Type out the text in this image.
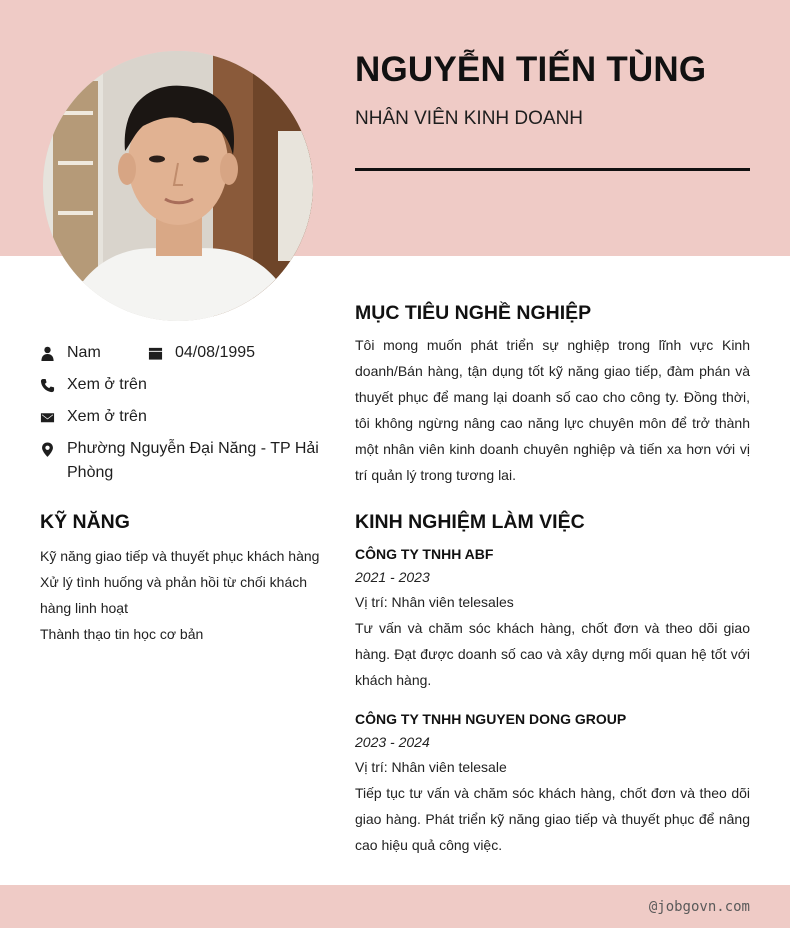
NGUYỄN TIẾN TÙNG
NHÂN VIÊN KINH DOANH
Nam	04/08/1995
Xem ở trên
Xem ở trên
Phường Nguyễn Đại Năng - TP Hải Phòng
KỸ NĂNG
Kỹ năng giao tiếp và thuyết phục khách hàng
Xử lý tình huống và phản hồi từ chối khách hàng linh hoạt
Thành thạo tin học cơ bản
MỤC TIÊU NGHỀ NGHIỆP
Tôi mong muốn phát triển sự nghiệp trong lĩnh vực Kinh doanh/Bán hàng, tận dụng tốt kỹ năng giao tiếp, đàm phán và thuyết phục để mang lại doanh số cao cho công ty. Đồng thời, tôi không ngừng nâng cao năng lực chuyên môn để trở thành một nhân viên kinh doanh chuyên nghiệp và tiến xa hơn với vị trí quản lý trong tương lai.
KINH NGHIỆM LÀM VIỆC
CÔNG TY TNHH ABF
2021 - 2023
Vị trí: Nhân viên telesales
Tư vấn và chăm sóc khách hàng, chốt đơn và theo dõi giao hàng. Đạt được doanh số cao và xây dựng mối quan hệ tốt với khách hàng.
CÔNG TY TNHH NGUYEN DONG GROUP
2023 - 2024
Vị trí: Nhân viên telesale
Tiếp tục tư vấn và chăm sóc khách hàng, chốt đơn và theo dõi giao hàng. Phát triển kỹ năng giao tiếp và thuyết phục để nâng cao hiệu quả công việc.
@jobgovn.com
